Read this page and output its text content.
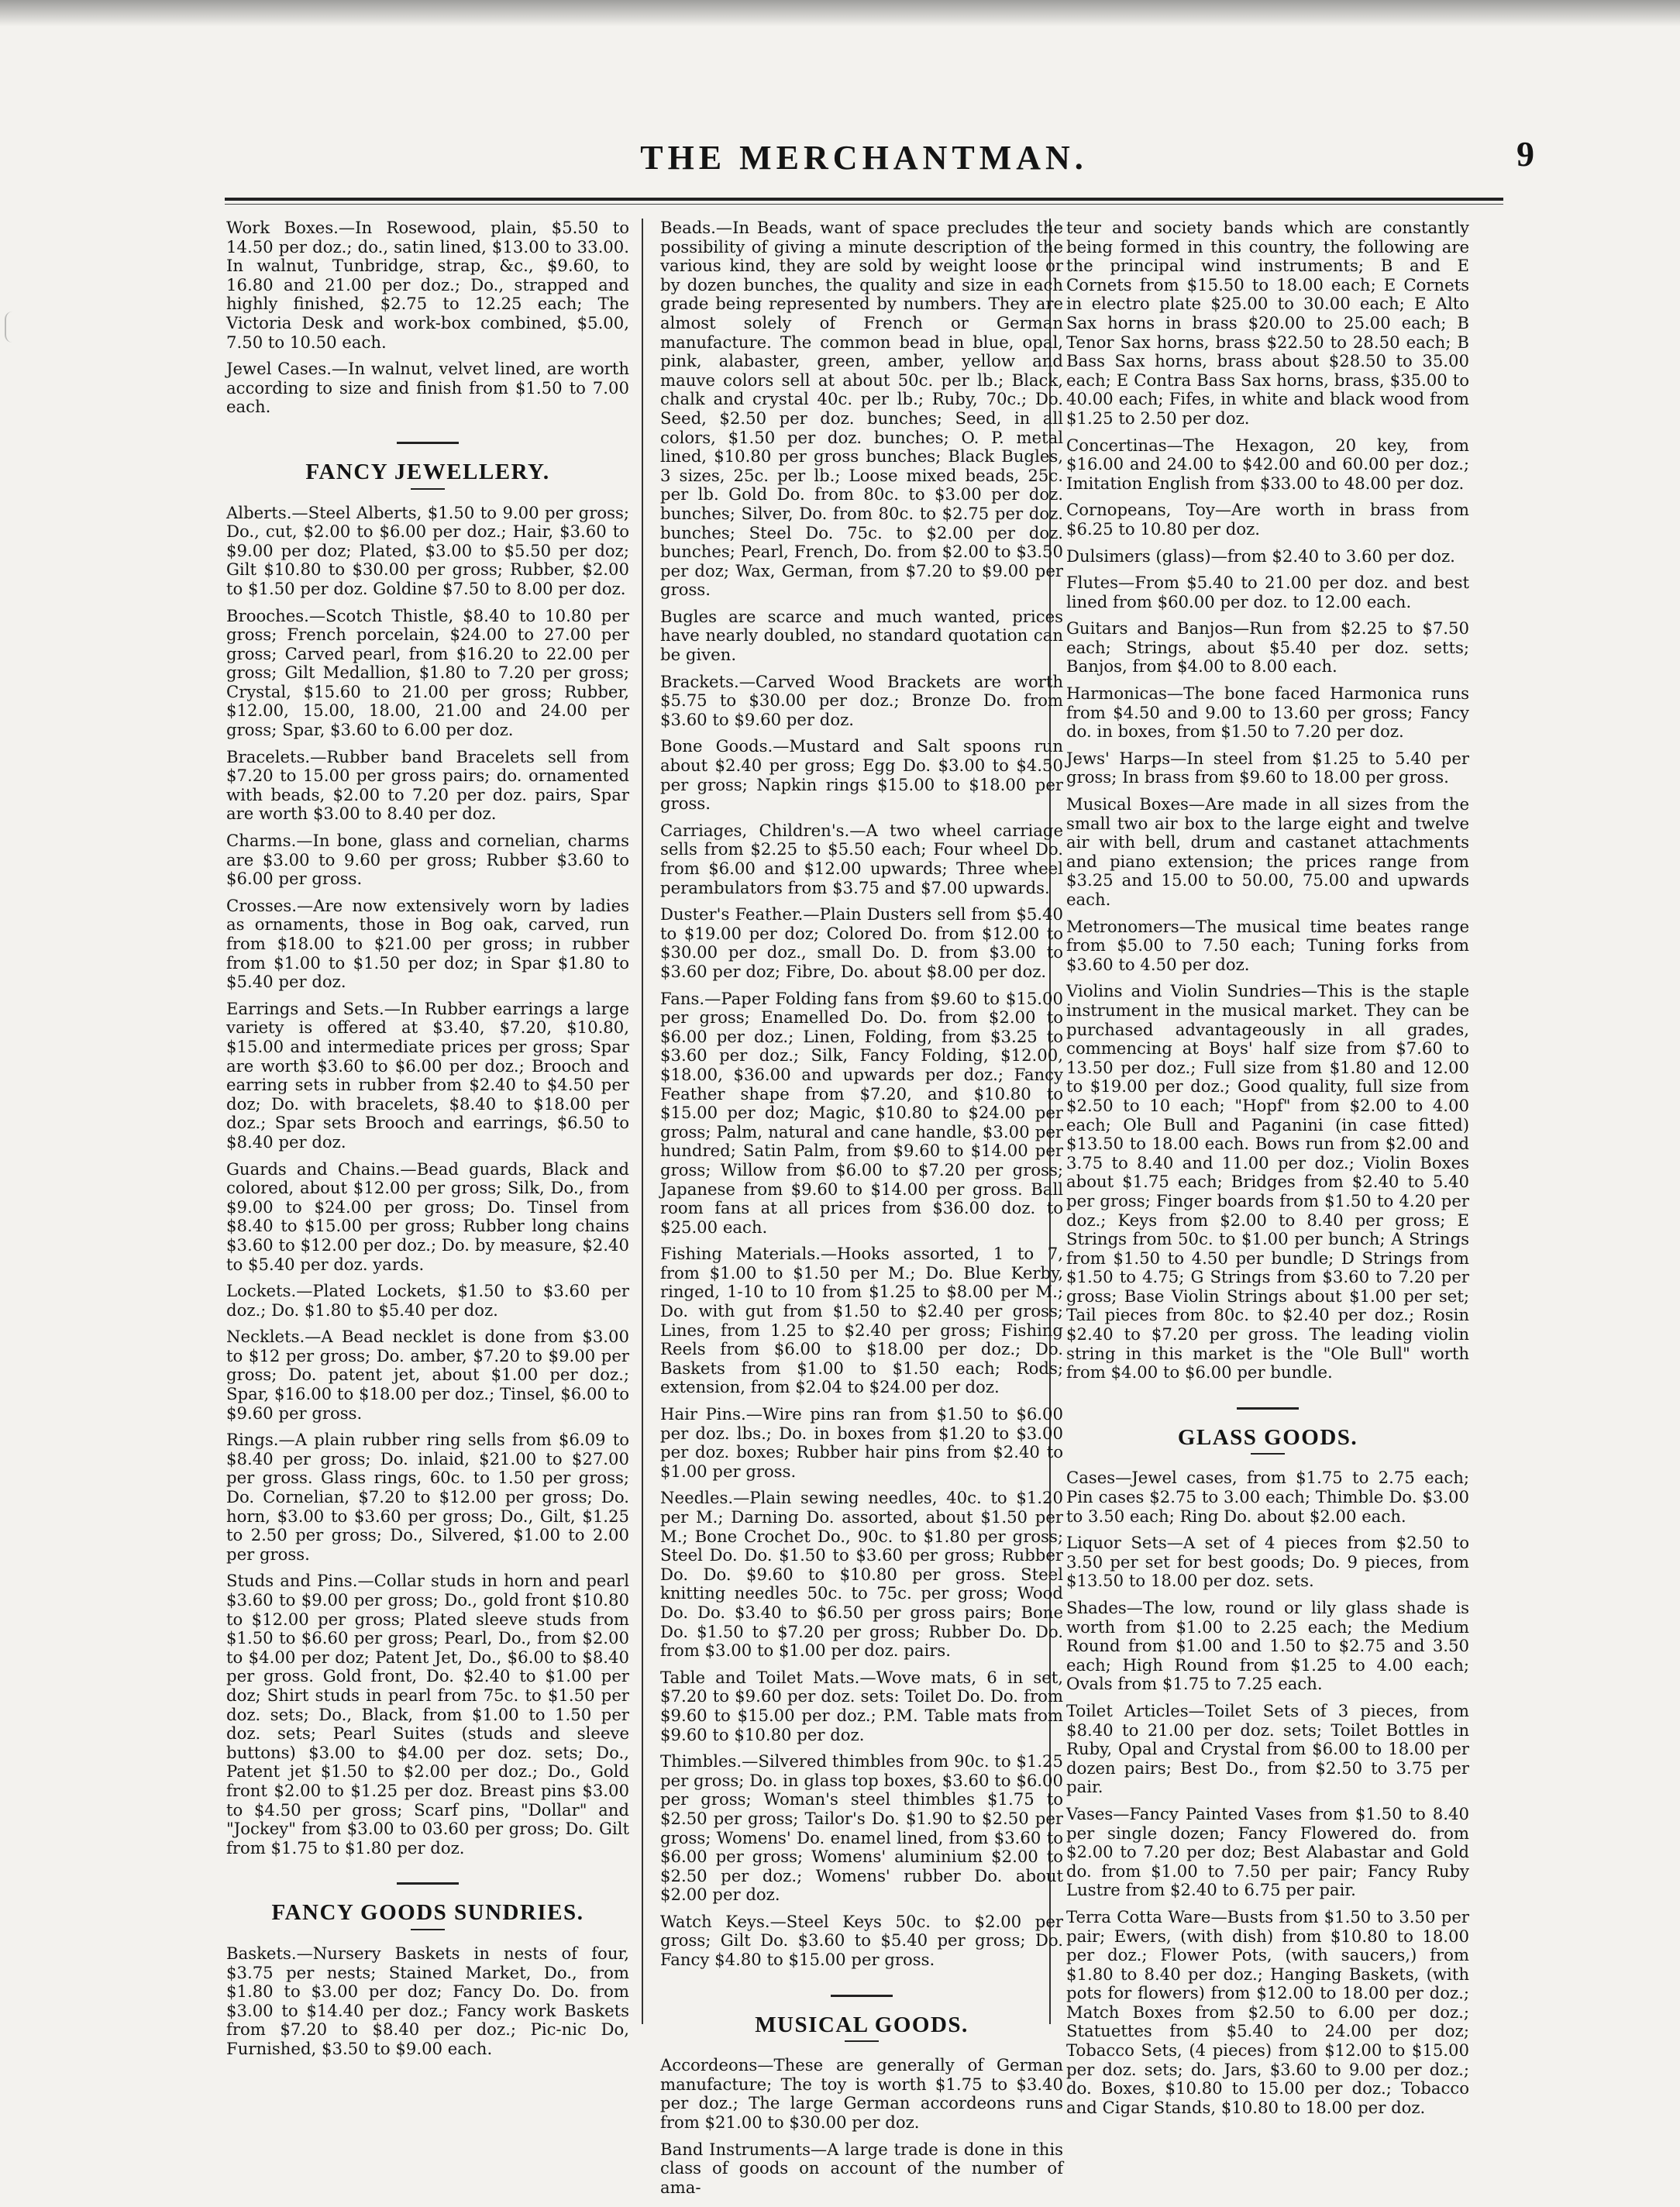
THE MERCHANTMAN.	9

Work Boxes.—In Rosewood, plain, $5.50 to 14.50 per doz.; do., satin lined, $13.00 to 33.00. In walnut, Tunbridge, strap, &c., $9.60, to 16.80 and 21.00 per doz.; Do., strapped and highly finished, $2.75 to 12.25 each; The Victoria Desk and work-box combined, $5.00, 7.50 to 10.50 each.

Jewel Cases.—In walnut, velvet lined, are worth according to size and finish from $1.50 to 7.00 each.

FANCY JEWELLERY.

Alberts.—Steel Alberts, $1.50 to 9.00 per gross; Do., cut, $2.00 to $6.00 per doz.; Hair, $3.60 to $9.00 per doz; Plated, $3.00 to $5.50 per doz; Gilt $10.80 to $30.00 per gross; Rubber, $2.00 to $1.50 per doz. Goldine $7.50 to 8.00 per doz.

Brooches.—Scotch Thistle, $8.40 to 10.80 per gross; French porcelain, $24.00 to 27.00 per gross; Carved pearl, from $16.20 to 22.00 per gross; Gilt Medallion, $1.80 to 7.20 per gross; Crystal, $15.60 to 21.00 per gross; Rubber, $12.00, 15.00, 18.00, 21.00 and 24.00 per gross; Spar, $3.60 to 6.00 per doz.

Bracelets.—Rubber band Bracelets sell from $7.20 to 15.00 per gross pairs; do. ornamented with beads, $2.00 to 7.20 per doz. pairs, Spar are worth $3.00 to 8.40 per doz.

Charms.—In bone, glass and cornelian, charms are $3.00 to 9.60 per gross; Rubber $3.60 to $6.00 per gross.

Crosses.—Are now extensively worn by ladies as ornaments, those in Bog oak, carved, run from $18.00 to $21.00 per gross; in rubber from $1.00 to $1.50 per doz; in Spar $1.80 to $5.40 per doz.

Earrings and Sets.—In Rubber earrings a large variety is offered at $3.40, $7.20, $10.80, $15.00 and intermediate prices per gross; Spar are worth $3.60 to $6.00 per doz.; Brooch and earring sets in rubber from $2.40 to $4.50 per doz; Do. with bracelets, $8.40 to $18.00 per doz.; Spar sets Brooch and earrings, $6.50 to $8.40 per doz.

Guards and Chains.—Bead guards, Black and colored, about $12.00 per gross; Silk, Do., from $9.00 to $24.00 per gross; Do. Tinsel from $8.40 to $15.00 per gross; Rubber long chains $3.60 to $12.00 per doz.; Do. by measure, $2.40 to $5.40 per doz. yards.

Lockets.—Plated Lockets, $1.50 to $3.60 per doz.; Do. $1.80 to $5.40 per doz.

Necklets.—A Bead necklet is done from $3.00 to $12 per gross; Do. amber, $7.20 to $9.00 per gross; Do. patent jet, about $1.00 per doz.; Spar, $16.00 to $18.00 per doz.; Tinsel, $6.00 to $9.60 per gross.

Rings.—A plain rubber ring sells from $6.09 to $8.40 per gross; Do. inlaid, $21.00 to $27.00 per gross. Glass rings, 60c. to 1.50 per gross; Do. Cornelian, $7.20 to $12.00 per gross; Do. horn, $3.00 to $3.60 per gross; Do., Gilt, $1.25 to 2.50 per gross; Do., Silvered, $1.00 to 2.00 per gross.

Studs and Pins.—Collar studs in horn and pearl $3.60 to $9.00 per gross; Do., gold front $10.80 to $12.00 per gross; Plated sleeve studs from $1.50 to $6.60 per gross; Pearl, Do., from $2.00 to $4.00 per doz; Patent Jet, Do., $6.00 to $8.40 per gross. Gold front, Do. $2.40 to $1.00 per doz; Shirt studs in pearl from 75c. to $1.50 per doz. sets; Do., Black, from $1.00 to 1.50 per doz. sets; Pearl Suites (studs and sleeve buttons) $3.00 to $4.00 per doz. sets; Do., Patent jet $1.50 to $2.00 per doz.; Do., Gold front $2.00 to $1.25 per doz. Breast pins $3.00 to $4.50 per gross; Scarf pins, "Dollar" and "Jockey" from $3.00 to 03.60 per gross; Do. Gilt from $1.75 to $1.80 per doz.

FANCY GOODS SUNDRIES.

Baskets.—Nursery Baskets in nests of four, $3.75 per nests; Stained Market, Do., from $1.80 to $3.00 per doz; Fancy Do. Do. from $3.00 to $14.40 per doz.; Fancy work Baskets from $7.20 to $8.40 per doz.; Pic-nic Do, Furnished, $3.50 to $9.00 each.

Beads.—In Beads, want of space precludes the possibility of giving a minute description of the various kind, they are sold by weight loose or by dozen bunches, the quality and size in each grade being represented by numbers. They are almost solely of French or German manufacture. The common bead in blue, opal, pink, alabaster, green, amber, yellow and mauve colors sell at about 50c. per lb.; Black, chalk and crystal 40c. per lb.; Ruby, 70c.; Do. Seed, $2.50 per doz. bunches; Seed, in all colors, $1.50 per doz. bunches; O. P. metal lined, $10.80 per gross bunches; Black Bugles, 3 sizes, 25c. per lb.; Loose mixed beads, 25c. per lb. Gold Do. from 80c. to $3.00 per doz. bunches; Silver, Do. from 80c. to $2.75 per doz. bunches; Steel Do. 75c. to $2.00 per doz. bunches; Pearl, French, Do. from $2.00 to $3.50 per doz; Wax, German, from $7.20 to $9.00 per gross.

Bugles are scarce and much wanted, prices have nearly doubled, no standard quotation can be given.

Brackets.—Carved Wood Brackets are worth $5.75 to $30.00 per doz.; Bronze Do. from $3.60 to $9.60 per doz.

Bone Goods.—Mustard and Salt spoons run about $2.40 per gross; Egg Do. $3.00 to $4.50 per gross; Napkin rings $15.00 to $18.00 per gross.

Carriages, Children's.—A two wheel carriage sells from $2.25 to $5.50 each; Four wheel Do. from $6.00 and $12.00 upwards; Three wheel perambulators from $3.75 and $7.00 upwards.

Duster's Feather.—Plain Dusters sell from $5.40 to $19.00 per doz; Colored Do. from $12.00 to $30.00 per doz., small Do. D. from $3.00 to $3.60 per doz; Fibre, Do. about $8.00 per doz.

Fans.—Paper Folding fans from $9.60 to $15.00 per gross; Enamelled Do. Do. from $2.00 to $6.00 per doz.; Linen, Folding, from $3.25 to $3.60 per doz.; Silk, Fancy Folding, $12.00, $18.00, $36.00 and upwards per doz.; Fancy Feather shape from $7.20, and $10.80 to $15.00 per doz; Magic, $10.80 to $24.00 per gross; Palm, natural and cane handle, $3.00 per hundred; Satin Palm, from $9.60 to $14.00 per gross; Willow from $6.00 to $7.20 per gross; Japanese from $9.60 to $14.00 per gross. Ball room fans at all prices from $36.00 doz. to $25.00 each.

Fishing Materials.—Hooks assorted, 1 to 7, from $1.00 to $1.50 per M.; Do. Blue Kerby, ringed, 1-10 to 10 from $1.25 to $8.00 per M.; Do. with gut from $1.50 to $2.40 per gross; Lines, from 1.25 to $2.40 per gross; Fishing Reels from $6.00 to $18.00 per doz.; Do. Baskets from $1.00 to $1.50 each; Rods; extension, from $2.04 to $24.00 per doz.

Hair Pins.—Wire pins ran from $1.50 to $6.00 per doz. lbs.; Do. in boxes from $1.20 to $3.00 per doz. boxes; Rubber hair pins from $2.40 to $1.00 per gross.

Needles.—Plain sewing needles, 40c. to $1.20 per M.; Darning Do. assorted, about $1.50 per M.; Bone Crochet Do., 90c. to $1.80 per gross; Steel Do. Do. $1.50 to $3.60 per gross; Rubber Do. Do. $9.60 to $10.80 per gross. Steel knitting needles 50c. to 75c. per gross; Wood Do. Do. $3.40 to $6.50 per gross pairs; Bone Do. $1.50 to $7.20 per gross; Rubber Do. Do. from $3.00 to $1.00 per doz. pairs.

Table and Toilet Mats.—Wove mats, 6 in set, $7.20 to $9.60 per doz. sets: Toilet Do. Do. from $9.60 to $15.00 per doz.; P.M. Table mats from $9.60 to $10.80 per doz.

Thimbles.—Silvered thimbles from 90c. to $1.25 per gross; Do. in glass top boxes, $3.60 to $6.00 per gross; Woman's steel thimbles $1.75 to $2.50 per gross; Tailor's Do. $1.90 to $2.50 per gross; Womens' Do. enamel lined, from $3.60 to $6.00 per gross; Womens' aluminium $2.00 to $2.50 per doz.; Womens' rubber Do. about $2.00 per doz.

Watch Keys.—Steel Keys 50c. to $2.00 per gross; Gilt Do. $3.60 to $5.40 per gross; Do. Fancy $4.80 to $15.00 per gross.

MUSICAL GOODS.

Accordeons—These are generally of German manufacture; The toy is worth $1.75 to $3.40 per doz.; The large German accordeons runs from $21.00 to $30.00 per doz.

Band Instruments—A large trade is done in this class of goods on account of the number of ama-

teur and society bands which are constantly being formed in this country, the following are the principal wind instruments; B and E Cornets from $15.50 to 18.00 each; E Cornets in electro plate $25.00 to 30.00 each; E Alto Sax horns in brass $20.00 to 25.00 each; B Tenor Sax horns, brass $22.50 to 28.50 each; B Bass Sax horns, brass about $28.50 to 35.00 each; E Contra Bass Sax horns, brass, $35.00 to 40.00 each; Fifes, in white and black wood from $1.25 to 2.50 per doz.

Concertinas—The Hexagon, 20 key, from $16.00 and 24.00 to $42.00 and 60.00 per doz.; Imitation English from $33.00 to 48.00 per doz.

Cornopeans, Toy—Are worth in brass from $6.25 to 10.80 per doz.

Dulsimers (glass)—from $2.40 to 3.60 per doz.

Flutes—From $5.40 to 21.00 per doz. and best lined from $60.00 per doz. to 12.00 each.

Guitars and Banjos—Run from $2.25 to $7.50 each; Strings, about $5.40 per doz. setts; Banjos, from $4.00 to 8.00 each.

Harmonicas—The bone faced Harmonica runs from $4.50 and 9.00 to 13.60 per gross; Fancy do. in boxes, from $1.50 to 7.20 per doz.

Jews' Harps—In steel from $1.25 to 5.40 per gross; In brass from $9.60 to 18.00 per gross.

Musical Boxes—Are made in all sizes from the small two air box to the large eight and twelve air with bell, drum and castanet attachments and piano extension; the prices range from $3.25 and 15.00 to 50.00, 75.00 and upwards each.

Metronomers—The musical time beates range from $5.00 to 7.50 each; Tuning forks from $3.60 to 4.50 per doz.

Violins and Violin Sundries—This is the staple instrument in the musical market. They can be purchased advantageously in all grades, commencing at Boys' half size from $7.60 to 13.50 per doz.; Full size from $1.80 and 12.00 to $19.00 per doz.; Good quality, full size from $2.50 to 10 each; "Hopf" from $2.00 to 4.00 each; Ole Bull and Paganini (in case fitted) $13.50 to 18.00 each. Bows run from $2.00 and 3.75 to 8.40 and 11.00 per doz.; Violin Boxes about $1.75 each; Bridges from $2.40 to 5.40 per gross; Finger boards from $1.50 to 4.20 per doz.; Keys from $2.00 to 8.40 per gross; E Strings from 50c. to $1.00 per bunch; A Strings from $1.50 to 4.50 per bundle; D Strings from $1.50 to 4.75; G Strings from $3.60 to 7.20 per gross; Base Violin Strings about $1.00 per set; Tail pieces from 80c. to $2.40 per doz.; Rosin $2.40 to $7.20 per gross. The leading violin string in this market is the "Ole Bull" worth from $4.00 to $6.00 per bundle.

GLASS GOODS.

Cases—Jewel cases, from $1.75 to 2.75 each; Pin cases $2.75 to 3.00 each; Thimble Do. $3.00 to 3.50 each; Ring Do. about $2.00 each.

Liquor Sets—A set of 4 pieces from $2.50 to 3.50 per set for best goods; Do. 9 pieces, from $13.50 to 18.00 per doz. sets.

Shades—The low, round or lily glass shade is worth from $1.00 to 2.25 each; the Medium Round from $1.00 and 1.50 to $2.75 and 3.50 each; High Round from $1.25 to 4.00 each; Ovals from $1.75 to 7.25 each.

Toilet Articles—Toilet Sets of 3 pieces, from $8.40 to 21.00 per doz. sets; Toilet Bottles in Ruby, Opal and Crystal from $6.00 to 18.00 per dozen pairs; Best Do., from $2.50 to 3.75 per pair.

Vases—Fancy Painted Vases from $1.50 to 8.40 per single dozen; Fancy Flowered do. from $2.00 to 7.20 per doz; Best Alabastar and Gold do. from $1.00 to 7.50 per pair; Fancy Ruby Lustre from $2.40 to 6.75 per pair.

Terra Cotta Ware—Busts from $1.50 to 3.50 per pair; Ewers, (with dish) from $10.80 to 18.00 per doz.; Flower Pots, (with saucers,) from $1.80 to 8.40 per doz.; Hanging Baskets, (with pots for flowers) from $12.00 to 18.00 per doz.; Match Boxes from $2.50 to 6.00 per doz.; Statuettes from $5.40 to 24.00 per doz; Tobacco Sets, (4 pieces) from $12.00 to $15.00 per doz. sets; do. Jars, $3.60 to 9.00 per doz.; do. Boxes, $10.80 to 15.00 per doz.; Tobacco and Cigar Stands, $10.80 to 18.00 per doz.
